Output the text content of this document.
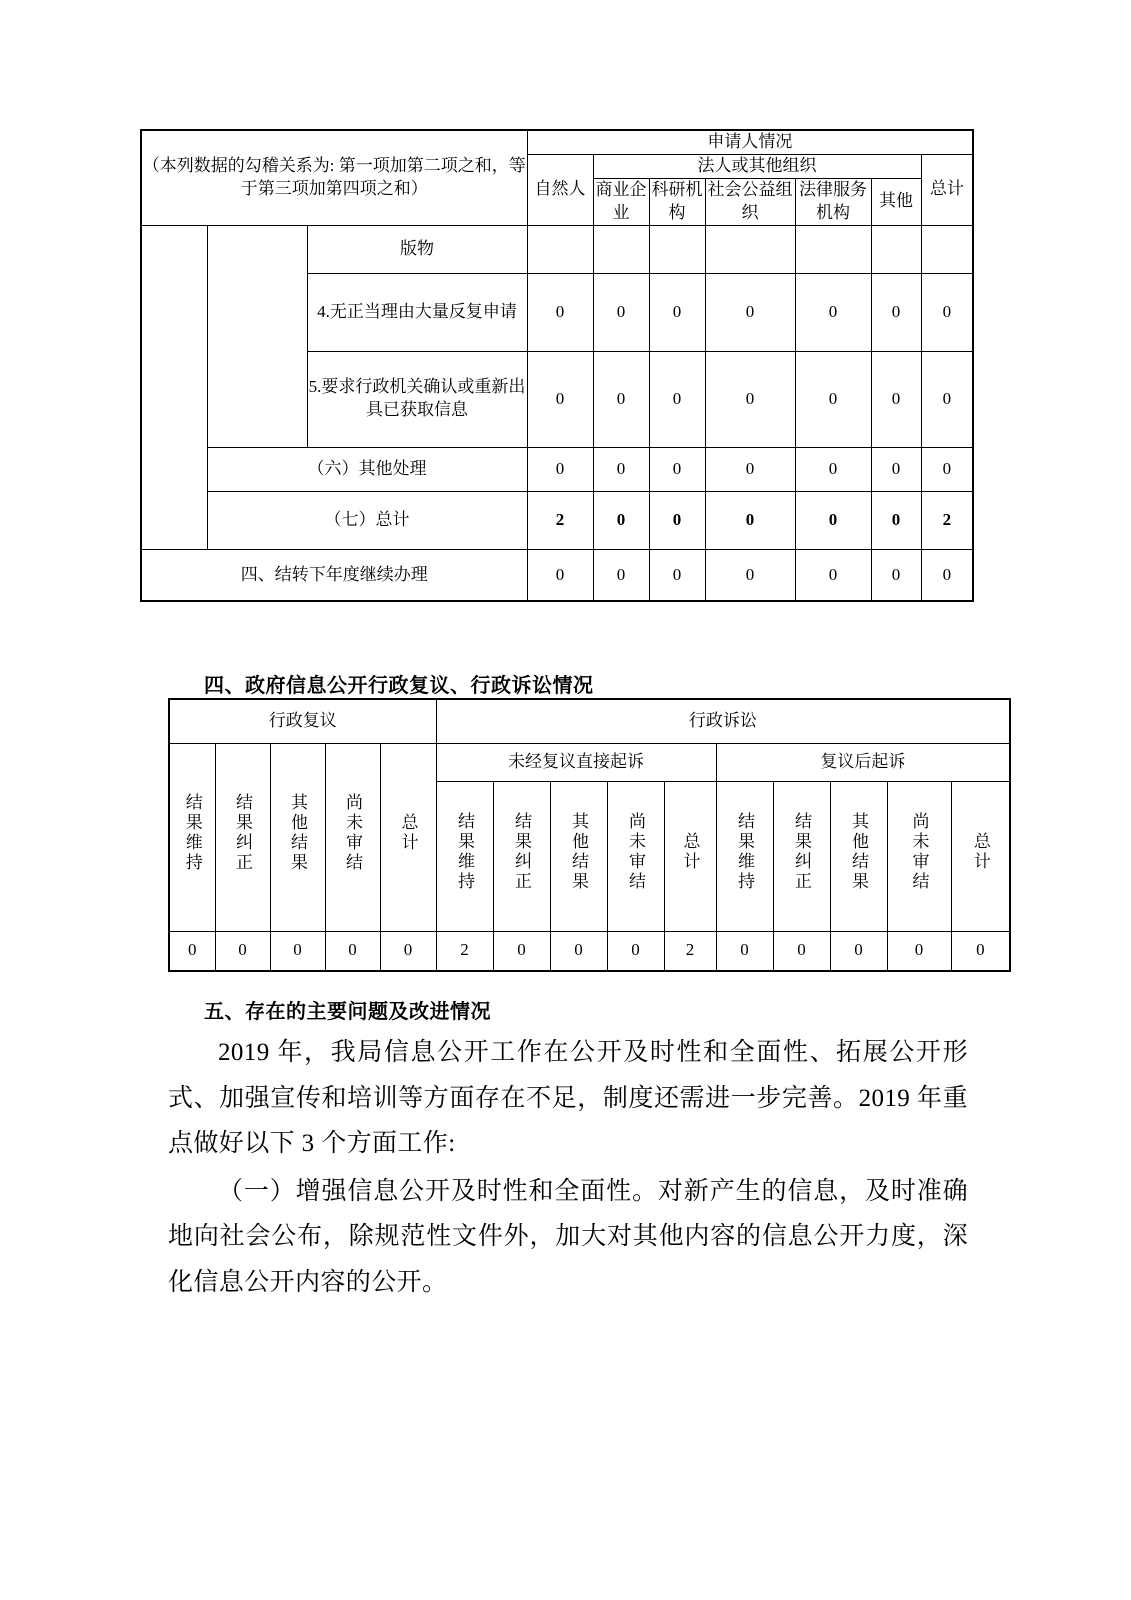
（本列数据的勾稽关系为: 第一项加第二项之和，等于第三项加第四项之和）			申请人情况						
			自然人	法人或其他组织					总计
				商业企业	科研机构	社会公益组织	法律服务机构	其他	
		版物							
		4.无正当理由大量反复申请	0	0	0	0	0	0	0
		5.要求行政机关确认或重新出具已获取信息	0	0	0	0	0	0	0
	（六）其他处理		0	0	0	0	0	0	0
	（七）总计		2	0	0	0	0	0	2
四、结转下年度继续办理			0	0	0	0	0	0	0
四、政府信息公开行政复议、行政诉讼情况
行政复议					行政诉讼									
结果维持	结果纠正	其他结果	尚未审结	总计	未经复议直接起诉					复议后起诉				
					结果维持	结果纠正	其他结果	尚未审结	总计	结果维持	结果纠正	其他结果	尚未审结	总计
0	0	0	0	0	2	0	0	0	2	0	0	0	0	0
五、存在的主要问题及改进情况

2019 年，我局信息公开工作在公开及时性和全面性、拓展公开形式、加强宣传和培训等方面存在不足，制度还需进一步完善。2019 年重点做好以下 3 个方面工作:

（一）增强信息公开及时性和全面性。对新产生的信息，及时准确地向社会公布，除规范性文件外，加大对其他内容的信息公开力度，深化信息公开内容的公开。
